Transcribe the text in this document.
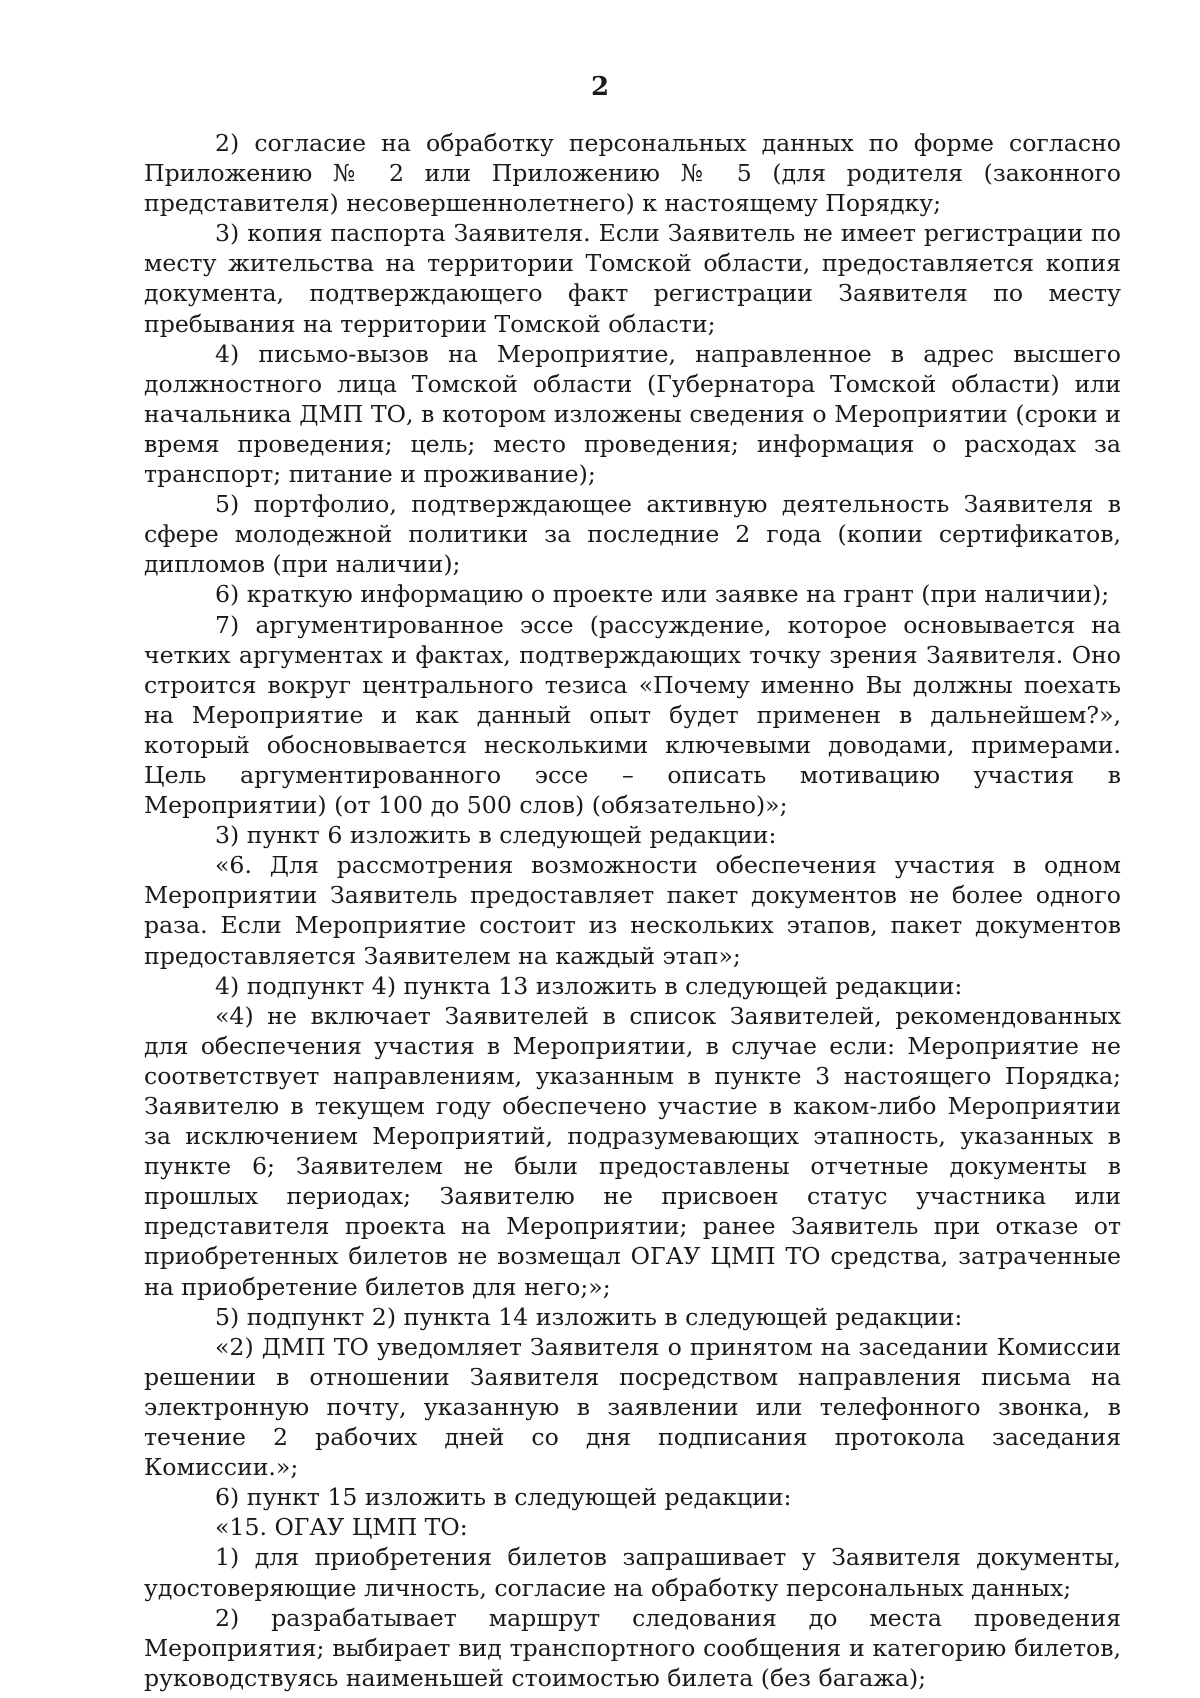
2

2) согласие на обработку персональных данных по форме согласно Приложению № 2 или Приложению № 5 (для родителя (законного представителя) несовершеннолетнего) к настоящему Порядку;

3) копия паспорта Заявителя. Если Заявитель не имеет регистрации по месту жительства на территории Томской области, предоставляется копия документа, подтверждающего факт регистрации Заявителя по месту пребывания на территории Томской области;

4) письмо-вызов на Мероприятие, направленное в адрес высшего должностного лица Томской области (Губернатора Томской области) или начальника ДМП ТО, в котором изложены сведения о Мероприятии (сроки и время проведения; цель; место проведения; информация о расходах за транспорт; питание и проживание);

5) портфолио, подтверждающее активную деятельность Заявителя в сфере молодежной политики за последние 2 года (копии сертификатов, дипломов (при наличии);

6) краткую информацию о проекте или заявке на грант (при наличии);

7) аргументированное эссе (рассуждение, которое основывается на четких аргументах и фактах, подтверждающих точку зрения Заявителя. Оно строится вокруг центрального тезиса «Почему именно Вы должны поехать на Мероприятие и как данный опыт будет применен в дальнейшем?», который обосновывается несколькими ключевыми доводами, примерами. Цель аргументированного эссе – описать мотивацию участия в Мероприятии) (от 100 до 500 слов) (обязательно)»;

3) пункт 6 изложить в следующей редакции:

«6. Для рассмотрения возможности обеспечения участия в одном Мероприятии Заявитель предоставляет пакет документов не более одного раза. Если Мероприятие состоит из нескольких этапов, пакет документов предоставляется Заявителем на каждый этап»;

4) подпункт 4) пункта 13 изложить в следующей редакции:

«4) не включает Заявителей в список Заявителей, рекомендованных для обеспечения участия в Мероприятии, в случае если: Мероприятие не соответствует направлениям, указанным в пункте 3 настоящего Порядка; Заявителю в текущем году обеспечено участие в каком-либо Мероприятии за исключением Мероприятий, подразумевающих этапность, указанных в пункте 6; Заявителем не были предоставлены отчетные документы в прошлых периодах; Заявителю не присвоен статус участника или представителя проекта на Мероприятии; ранее Заявитель при отказе от приобретенных билетов не возмещал ОГАУ ЦМП ТО средства, затраченные на приобретение билетов для него;»;

5) подпункт 2) пункта 14 изложить в следующей редакции:

«2) ДМП ТО уведомляет Заявителя о принятом на заседании Комиссии решении в отношении Заявителя посредством направления письма на электронную почту, указанную в заявлении или телефонного звонка, в течение 2 рабочих дней со дня подписания протокола заседания Комиссии.»;

6) пункт 15 изложить в следующей редакции:

«15. ОГАУ ЦМП ТО:

1) для приобретения билетов запрашивает у Заявителя документы, удостоверяющие личность, согласие на обработку персональных данных;

2) разрабатывает маршрут следования до места проведения Мероприятия; выбирает вид транспортного сообщения и категорию билетов, руководствуясь наименьшей стоимостью билета (без багажа);
